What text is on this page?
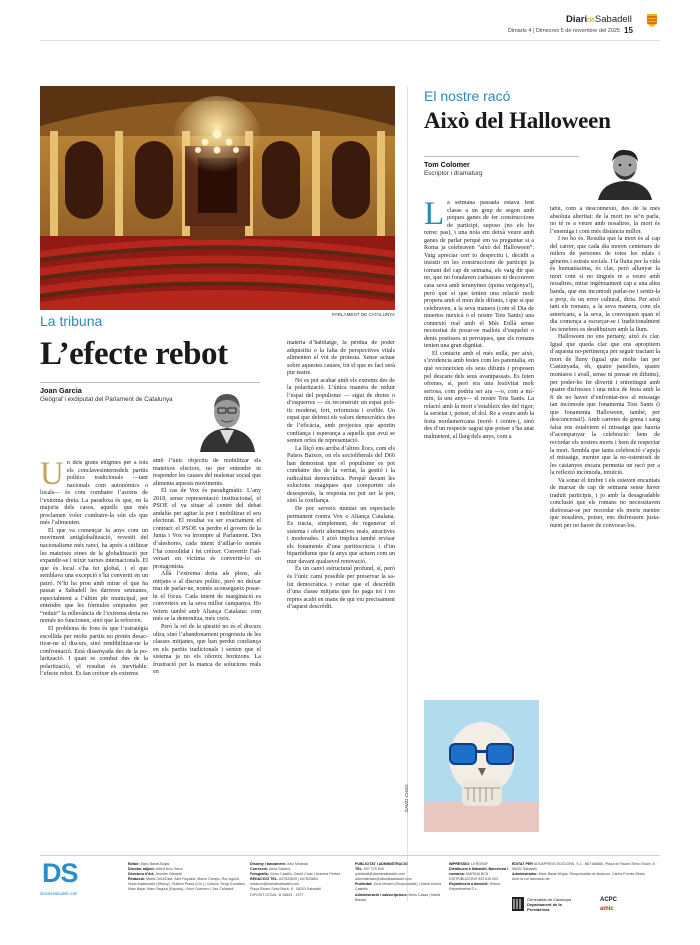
DiarideSabadell
Dimarts 4 | Dimecres 5 de novembre del 2025 15
PARLAMENT DE CATALUNYA
La tribuna
L’efecte rebot
Joan Garcia
Geògraf i exdiputat del Parlament de Catalunya
U n dels grans enigmes per a tots els conclavesinternsdels partits polítics tradicionals —tant nacionals com autonòmics o locals— és com combatre l’ascens de l’extrema dreta. La paradoxa és que, en la majoria dels casos, aquells que més proclamen voler combatre-la són els que més l’alimenten.

El que va començar fa anys com un moviment antiglobalització, revestit del nacionalisme més ranci, ha après a utilitzar les mateixes eines de la globalització per expandir-se i teixir xarxes internacionals. El que és local s’ha fet global, i el que semblava una excepció s’ha convertit en un patró. N’hi ha prou amb mirar el que ha passat a Sabadell les darreres setmanes, especialment a l’últim ple municipal, per entendre que les fórmules emprades per “reduir” la rellevància de l’extrema dreta no només no funcionen, sinó que la reforcen.

El problema de fons és que l’estratègia escollida per molts partits no pretén desactivar-ne el discurs, sinó rendibilitzar-ne la confrontació. Està dissenyada des de la polarització. I quan es combat des de la polarització, el resultat és inevitable: l’efecte rebot. Es fan créixer els extrems

amb l’únic objectiu de mobilitzar els mateixos electors, no per entendre ni respondre les causes del malestar social que alimenta aquests moviments.

El cas de Vox és paradigmàtic. L’any 2018, sense representació institucional, el PSOE el va situar al centre del debat andalús per agitar la por i mobilitzar el seu electorat. El resultat va ser exactament el contrari: el PSOE va perdre el govern de la Junta i Vox va irrompre al Parlament. Des d’aleshores, cada intent d’aïllar-lo només l’ha consolidat i fet créixer. Convertir l’adversari en víctima és convertir-lo en protagonista.

Allà l’extrema dreta als plens, als mitjans o al discurs polític, però no deixar mai de parlar-ne, només aconsegueix posar-hi el focus. Cada intent de marginació es converteix en la seva millor campanya. Ho veiem també amb Aliança Catalana: com més se la demonitza, més creix.

Però la rel de la qüestió no és el discurs ultra, sinó l’abandonament progressiu de les classes mitjanes, que han perdut confiança en els partits tradicionals i senten que el sistema ja no els ofereix horitzons. La frustració per la manca de solucions reals en

matèria d’habitatge, la pèrdua de poder adquisitiu o la falta de perspectives vitals alimenten el vot de protesta. Sense actuar sobre aquestes causes, tot el que es faci serà pur teatre.

No es pot acabar amb els extrems des de la polarització. L’única manera de reduir l’espai del populisme — sigui de dretes o d’esquerres — és reconstruir un espai polític moderat, fort, reformista i creïble. Un espai que defensi els valors democràtics des de l’eficàcia, amb projectes que aportin confiança i esperança a aquells que avui se senten orfes de representació.

La lliçó ens arriba d’altres llocs, com els Països Baixos, on els socioliberals del D66 han demostrat que el populisme es pot combatre des de la veritat, la gestió i la radicalitat democràtica. Perquè davant les solucions màgiques que comporten els desesperats, la resposta no pot ser la por, sinó la confiança.

De poc serveix muntar un espectacle permanent contra Vox o Aliança Catalana. Es tracta, simplement, de regenerar el sistema i oferir alternatives reals, atractives i moderades. I això implica també revisar els fonaments d’una partitocràcia i d’un bipartidisme que fa anys que actuen com un mur davant qualsevol renovació.

És un canvi estructural profund, sí, però és l’únic camí possible per preservar la salut democràtica i evitar que el descrèdit d’una classe mitjana que ho paga tot i no repres acabi en mans de qui viu precisament d’aquest descrèdit.

El nostre racó
Això del Halloween
Tom Colomer
Escriptor i dramaturg
L a setmana passada estava fent classe a un grup de segon amb poques ganes de fer construccions de participi, suposo (no els ho retrec pas), i una noia em deixà veure amb ganes de parlar perquè em va preguntar si a Roma ja celebraven “això del Halloween”. Vaig apreciar cert to despectiu i, decidit a insistir en les construccions de participi ja tornant del cap de setmana, els vaig dir que no, que no foradaven carbasses ni decoraven casa seva amb teranyines (quina vergonya!), però que sí que tenien una relació molt propera amb el món dels difunts, i que sí que celebraven, a la seva manera (com el Dia de muertos mexicà o el nostre Tots Sants) una connexió real amb el Més Enllà sense necessitat de posar-se mallots d’esquelet o dents postisses ni perruques, que els romans tenien una gran dignitat.

El contacte amb el més enllà, per això, s’evidencia amb festes com les parentalia, en què reconeixien els seus difunts i proposen pel descans dels seus avantpassats. Es feien ofrenes, sí, però era una festivitat molt seriosa, com podria ser ara —o, com a mínim, fa uns anys— el nostre Tots Sants. La relació amb la mort s’estableix des del rigor, la serietat i, potser, el dol. Re a veure amb la festa nordamericana (nord- i centre-), sinó des d’un respecte sagrat que potser s’ha anat malmetent, al llarg dels anys, com a

tabú, com a desconnexió, des de la més absoluta alteritat: de la mort no se’n parla, no té re a veure amb nosaltres, la mort és l’enemiga i com més distància millor.

I no ho és. Resulta que la mort és al cap del carrer, que cada dia moren centenars de milers de persones de totes les edats i gèneres i estrats socials. I la lluita per la vida és humaníssima, és clar, però allunyar la mort com si no tingués re a veure amb nosaltres, mirar ingènuament cap a una altra banda, que ens incomodi parlar-ne i sentir-la a prop, és un error cultural, diria. Per això tant els romans, a la seva manera, com els americans, a la seva, la convoquen quan el dia comença a escurçar-se i tradicionalment les tenebres es desdibuixen amb la llum.

Halloween no ens pertany, això és clar. Igual que queda clar que ens apropitem d’aquesta no-pertinença per seguir tractant la mort de lluny (igual que molts fan per Castanyada, eh, quatre panellets, quatre moniatos i avall, sense ni pensar en difunts), per poder-ho fer divertit i entretingut amb quatre disfresses i una mica de festa amb la fi de no haver d’enfrontar-nos al missatge tan incòmode que fonamenta Tots Sants (i que fonamenta Halloween, també, per desconcertat!). Amb carretes de goma i sang falsa ens estalviem el missatge que hauria d’acompanyar la celebració: hem de recordar els nostres morts i hem de respectar la mort. Sembla que tanta celebració s’apuja el missatge, mentre que la no-ostentosit de les castanyes encara permetia un racó per a la reflexió incòmoda, intuïció.

Va sonar el timbre i els estaven encantats de marxar de cap de setmana sense haver traduït participis, i jo amb la desagradable conclusió que els romans no necessitaven disfressar-se per recordar els morts mentre que nosaltres, potser, ens disfressem justament per no haver de convocar-los.

DAVID CHAO
DS
diaridesabadell.com
Editor: Marc Basté Alujas
Director adjunt: Albert Acín Sena
Directora d’Art: Jennifer Waddell
Redacció: Marta Ortíz/Diaz, Álex Ruyalds, Manel Campo, Roc Agulló, Núria Maldonado (Ethevy), Guillem Plana (Ciu.) | Cultura, Sergi González, Marc Bejar, Marc Segura (Esports), Lleon Guerrero | Jan Cañadell
Disseny i tancament: Xavi Miranda
Correcció: Anna Salomó
Fotografia: Víctor Castillo, David Chao i Juanma Peláez
REDACCIÓ TEL. 637833849 | 637833864
redaccio@diaridesabadell.com
Plaça Ricard Simó Bach, 8 · 08203 Sabadell
DIPÒSIT LEGAL: B 28893 - 1977
PUBLICITAT I ADMINISTRACIÓ
TEL. 937 275 545
publicitat@diaridesabadell.com
administracio@diaridesabadell.com
Publicitat: Jordi Morató (Responsable) | Marta Dolors Castells
Administració i subscripcions: Neus Casas | Marta Bobadí
IMPRESSIÓ: LERGRAF
Distribució a Sabadell, Barcelona i comarca: MARINA BCN DISTRIBUCIONS 933 615 003
Repartiment a domicili: Setma Repartiments S.L.
EDITAT PER NOVAPRESS EDICIONS, S.L., B67186866, Plaça de Ricard Simó i Bach, 8 · 08202 Sabadell.
Administrador: Marc Basté Alujas. Responsable de finances: Carles Fornés Bedor
Amb la col·laboració de:
Generalitat de Catalunya
Departament de la Presidència
ACPC
amic
